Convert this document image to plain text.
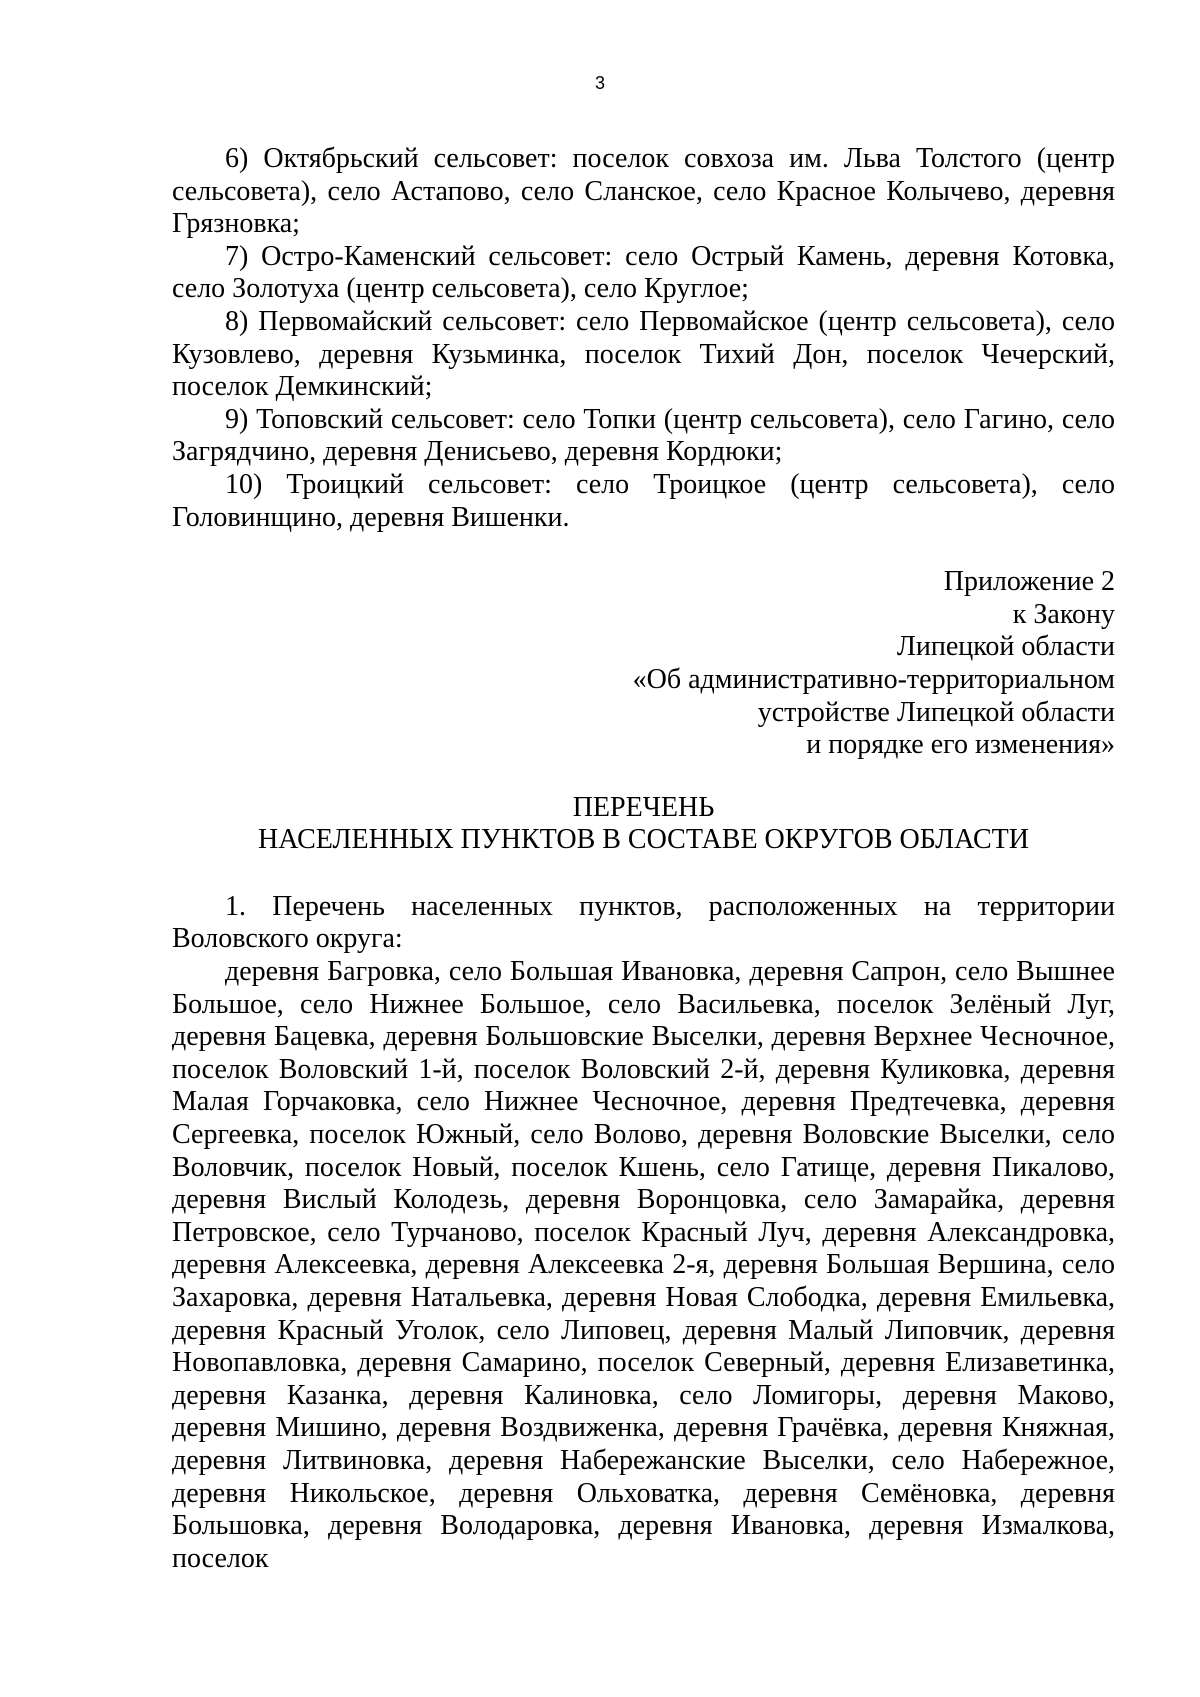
3

6) Октябрьский сельсовет: поселок совхоза им. Льва Толстого (центр сельсовета), село Астапово, село Сланское, село Красное Колычево, деревня Грязновка;

7) Остро-Каменский сельсовет: село Острый Камень, деревня Котовка, село Золотуха (центр сельсовета), село Круглое;

8) Первомайский сельсовет: село Первомайское (центр сельсовета), село Кузовлево, деревня Кузьминка, поселок Тихий Дон, поселок Чечерский, поселок Демкинский;

9) Топовский сельсовет: село Топки (центр сельсовета), село Гагино, село Загрядчино, деревня Денисьево, деревня Кордюки;

10) Троицкий сельсовет: село Троицкое (центр сельсовета), село Головинщино, деревня Вишенки.

Приложение 2
к Закону
Липецкой области
«Об административно-территориальном
устройстве Липецкой области
и порядке его изменения»
ПЕРЕЧЕНЬ
НАСЕЛЕННЫХ ПУНКТОВ В СОСТАВЕ ОКРУГОВ ОБЛАСТИ

1. Перечень населенных пунктов, расположенных на территории Воловского округа:

деревня Багровка, село Большая Ивановка, деревня Сапрон, село Вышнее Большое, село Нижнее Большое, село Васильевка, поселок Зелёный Луг, деревня Бацевка, деревня Большовские Выселки, деревня Верхнее Чесночное, поселок Воловский 1-й, поселок Воловский 2-й, деревня Куликовка, деревня Малая Горчаковка, село Нижнее Чесночное, деревня Предтечевка, деревня Сергеевка, поселок Южный, село Волово, деревня Воловские Выселки, село Воловчик, поселок Новый, поселок Кшень, село Гатище, деревня Пикалово, деревня Вислый Колодезь, деревня Воронцовка, село Замарайка, деревня Петровское, село Турчаново, поселок Красный Луч, деревня Александровка, деревня Алексеевка, деревня Алексеевка 2-я, деревня Большая Вершина, село Захаровка, деревня Натальевка, деревня Новая Слободка, деревня Емильевка, деревня Красный Уголок, село Липовец, деревня Малый Липовчик, деревня Новопавловка, деревня Самарино, поселок Северный, деревня Елизаветинка, деревня Казанка, деревня Калиновка, село Ломигоры, деревня Маково, деревня Мишино, деревня Воздвиженка, деревня Грачёвка, деревня Княжная, деревня Литвиновка, деревня Набережанские Выселки, село Набережное, деревня Никольское, деревня Ольховатка, деревня Семёновка, деревня Большовка, деревня Володаровка, деревня Ивановка, деревня Измалкова, поселок
